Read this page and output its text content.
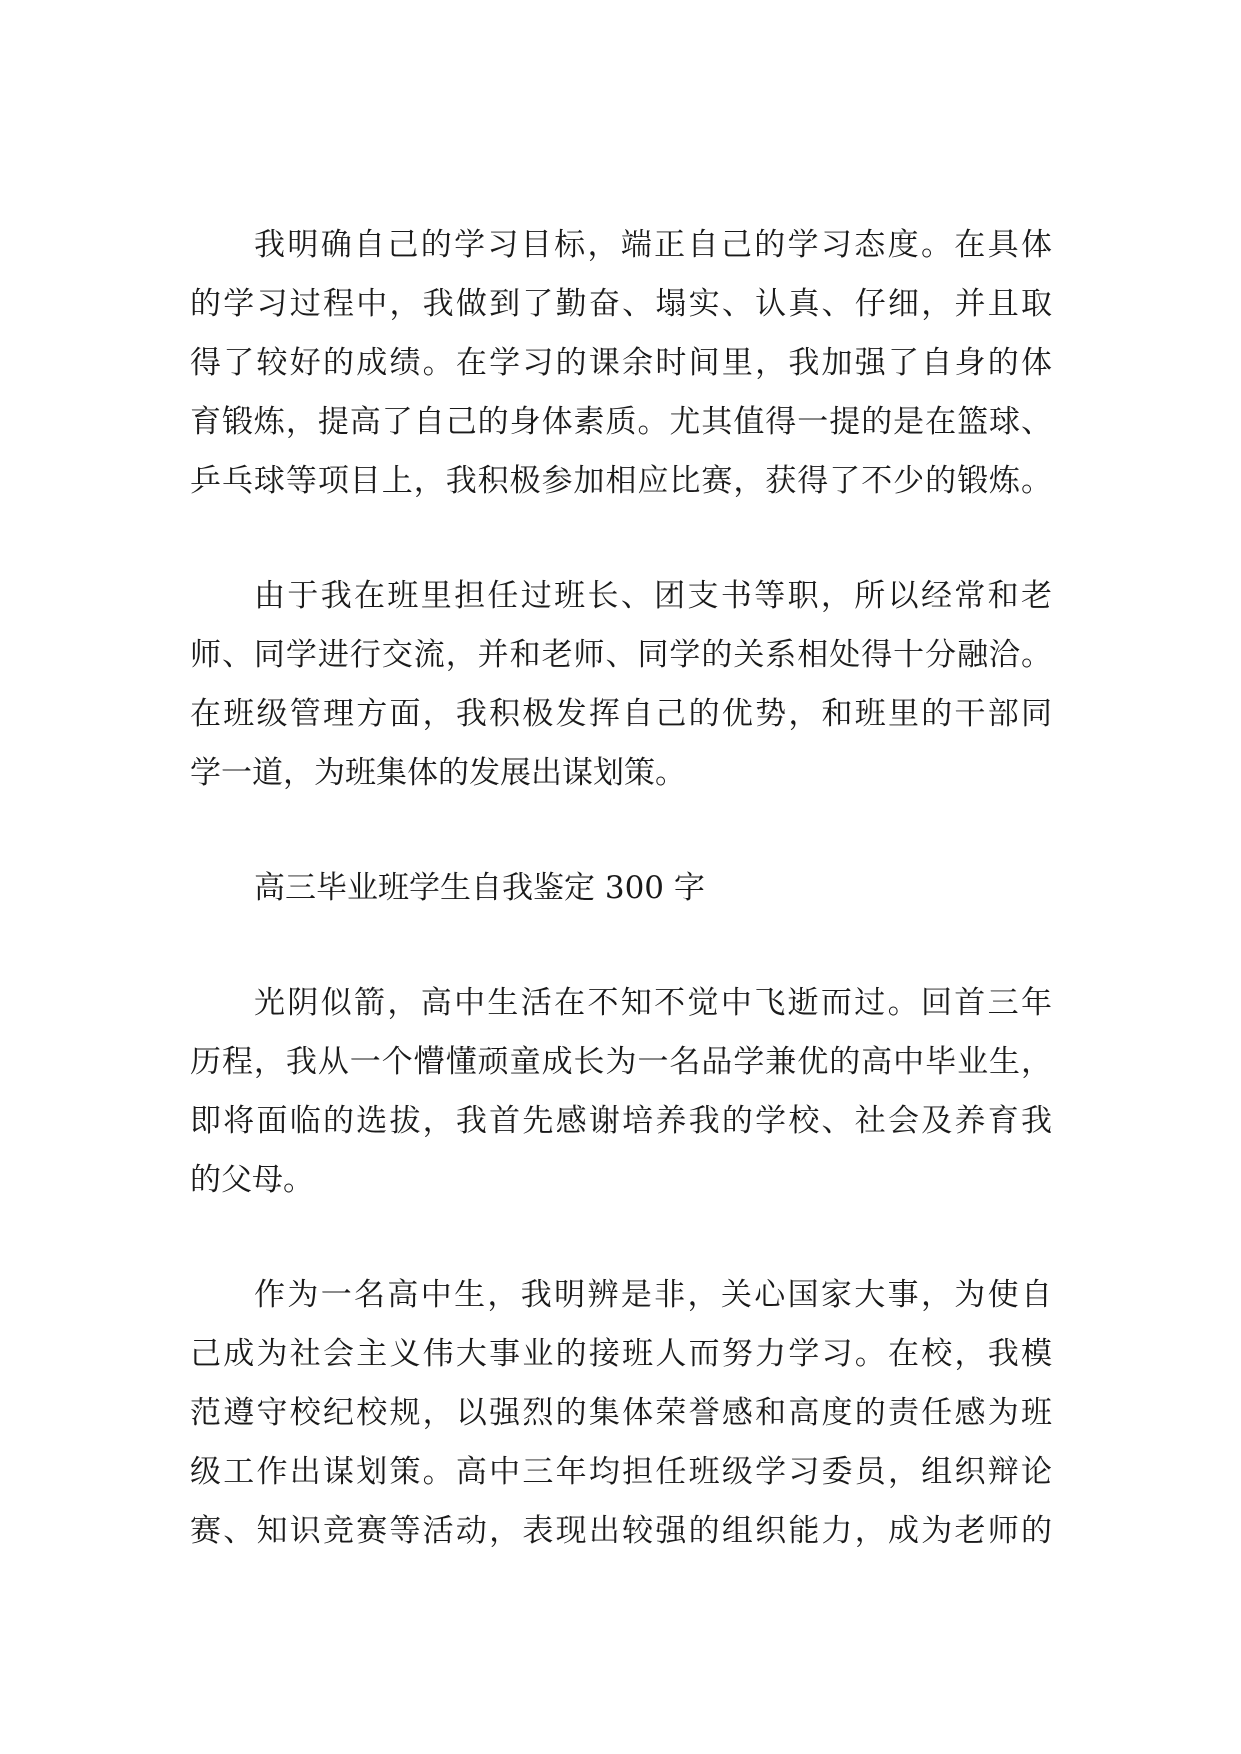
我明确自己的学习目标，端正自己的学习态度。在具体
的学习过程中，我做到了勤奋、塌实、认真、仔细，并且取
得了较好的成绩。在学习的课余时间里，我加强了自身的体
育锻炼，提高了自己的身体素质。尤其值得一提的是在篮球、
乒乓球等项目上，我积极参加相应比赛，获得了不少的锻炼。
由于我在班里担任过班长、团支书等职，所以经常和老
师、同学进行交流，并和老师、同学的关系相处得十分融洽。
在班级管理方面，我积极发挥自己的优势，和班里的干部同
学一道，为班集体的发展出谋划策。
高三毕业班学生自我鉴定 300 字
光阴似箭，高中生活在不知不觉中飞逝而过。回首三年
历程，我从一个懵懂顽童成长为一名品学兼优的高中毕业生，
即将面临的选拔，我首先感谢培养我的学校、社会及养育我
的父母。
作为一名高中生，我明辨是非，关心国家大事，为使自
己成为社会主义伟大事业的接班人而努力学习。在校，我模
范遵守校纪校规，以强烈的集体荣誉感和高度的责任感为班
级工作出谋划策。高中三年均担任班级学习委员，组织辩论
赛、知识竞赛等活动，表现出较强的组织能力，成为老师的
